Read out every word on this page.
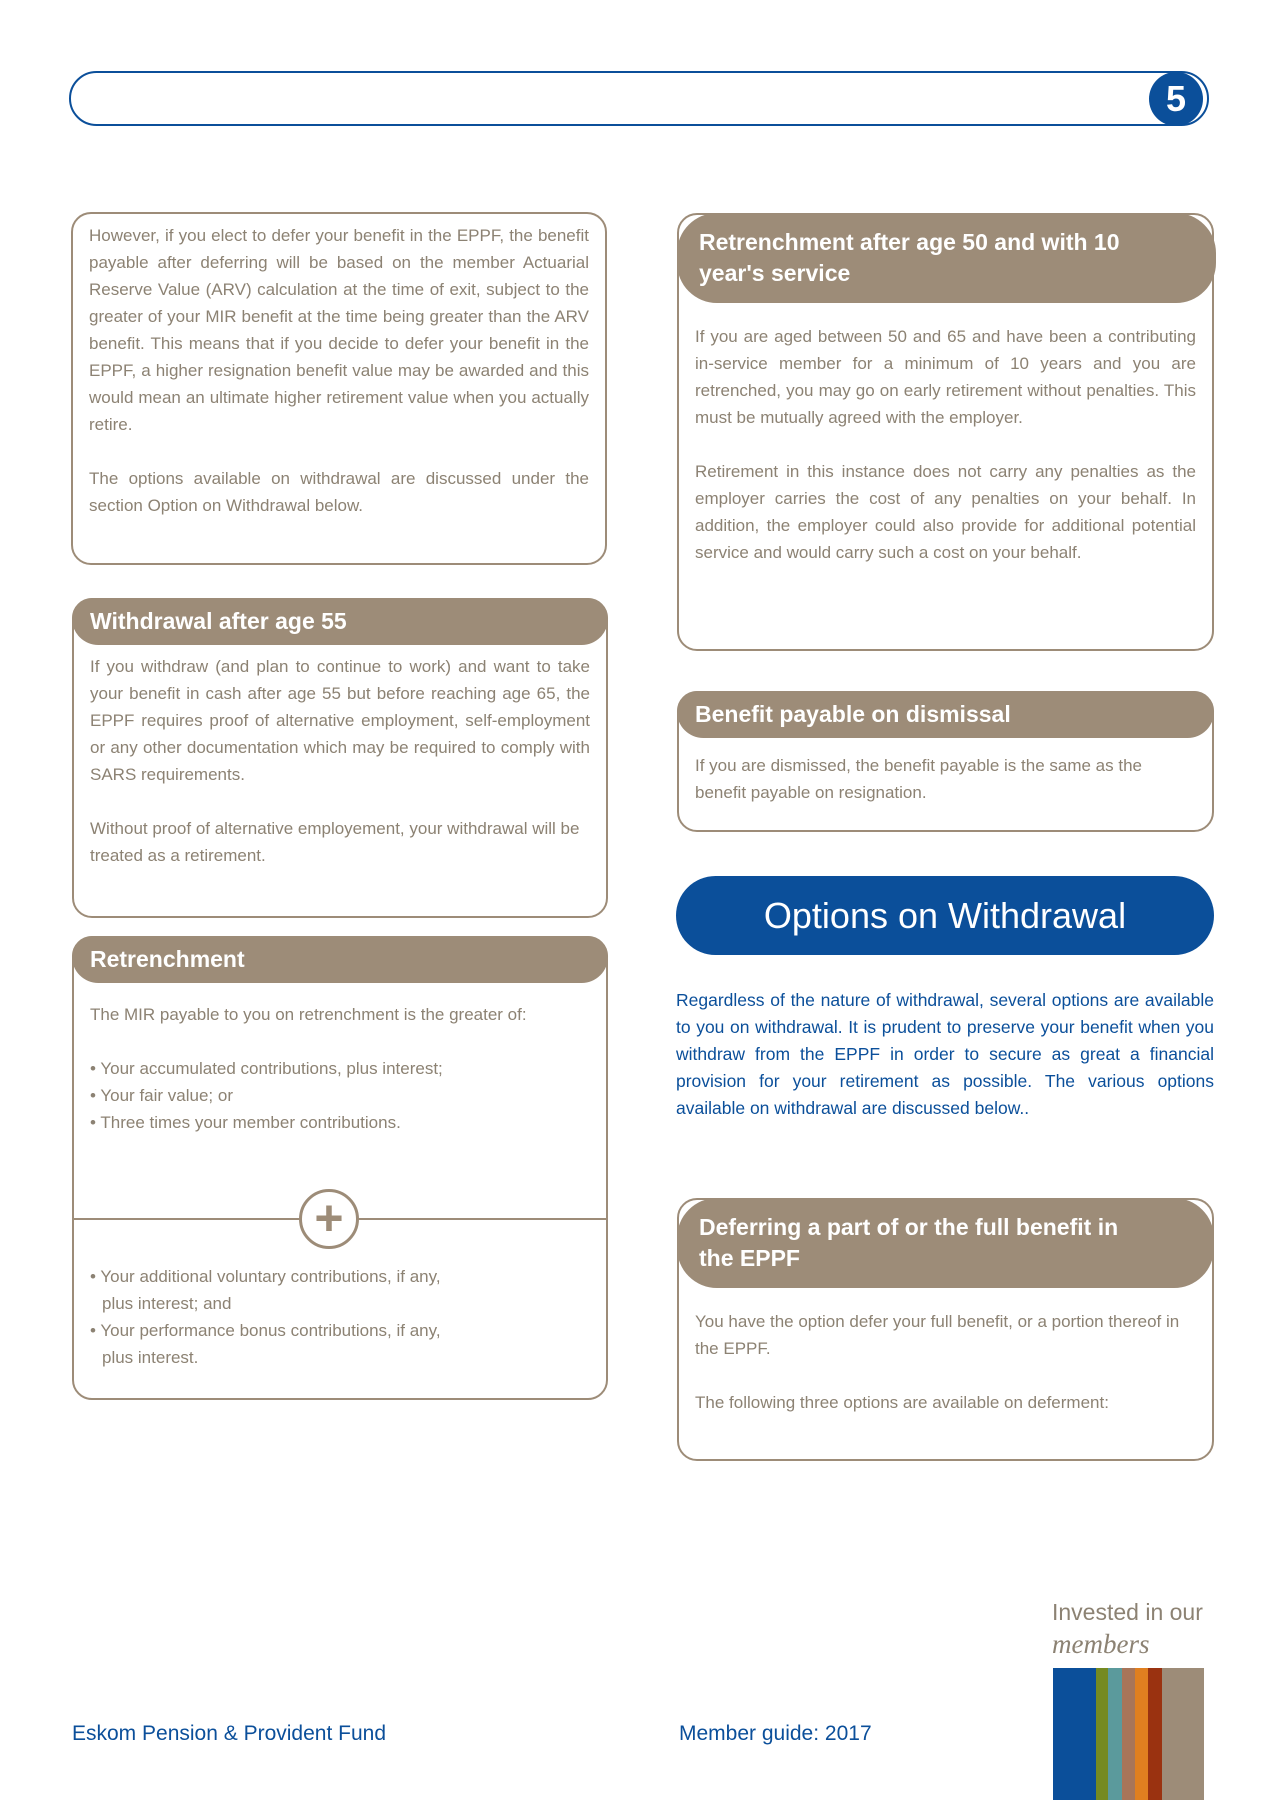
5

However, if you elect to defer your benefit in the EPPF, the benefit payable after deferring will be based on the member Actuarial Reserve Value (ARV) calculation at the time of exit, subject to the greater of your MIR benefit at the time being greater than the ARV benefit. This means that if you decide to defer your benefit in the EPPF, a higher resignation benefit value may be awarded and this would mean an ultimate higher retirement value when you actually retire.

The options available on withdrawal are discussed under the section Option on Withdrawal below.

Withdrawal after age 55

If you withdraw (and plan to continue to work) and want to take your benefit in cash after age 55 but before reaching age 65, the EPPF requires proof of alternative employment, self-employment or any other documentation which may be required to comply with SARS requirements.

Without proof of alternative employement, your withdrawal will be treated as a retirement.

Retrenchment

The MIR payable to you on retrenchment is the greater of:

• Your accumulated contributions, plus interest;
• Your fair value; or
• Three times your member contributions.
+
• Your additional voluntary contributions, if any, plus interest; and
• Your performance bonus contributions, if any, plus interest.
Retrenchment after age 50 and with 10 year's service

If you are aged between 50 and 65 and have been a contributing in-service member for a minimum of 10 years and you are retrenched, you may go on early retirement without penalties. This must be mutually agreed with the employer.

Retirement in this instance does not carry any penalties as the employer carries the cost of any penalties on your behalf. In addition, the employer could also provide for additional potential service and would carry such a cost on your behalf.

Benefit payable on dismissal

If you are dismissed, the benefit payable is the same as the benefit payable on resignation.

Options on Withdrawal
Regardless of the nature of withdrawal, several options are available to you on withdrawal. It is prudent to preserve your benefit when you withdraw from the EPPF in order to secure as great a financial provision for your retirement as possible. The various options available on withdrawal are discussed below..
Deferring a part of or the full benefit in the EPPF

You have the option defer your full benefit, or a portion thereof in the EPPF.

The following three options are available on deferment:

Eskom Pension & Provident Fund	Member guide: 2017
Invested in our
members
